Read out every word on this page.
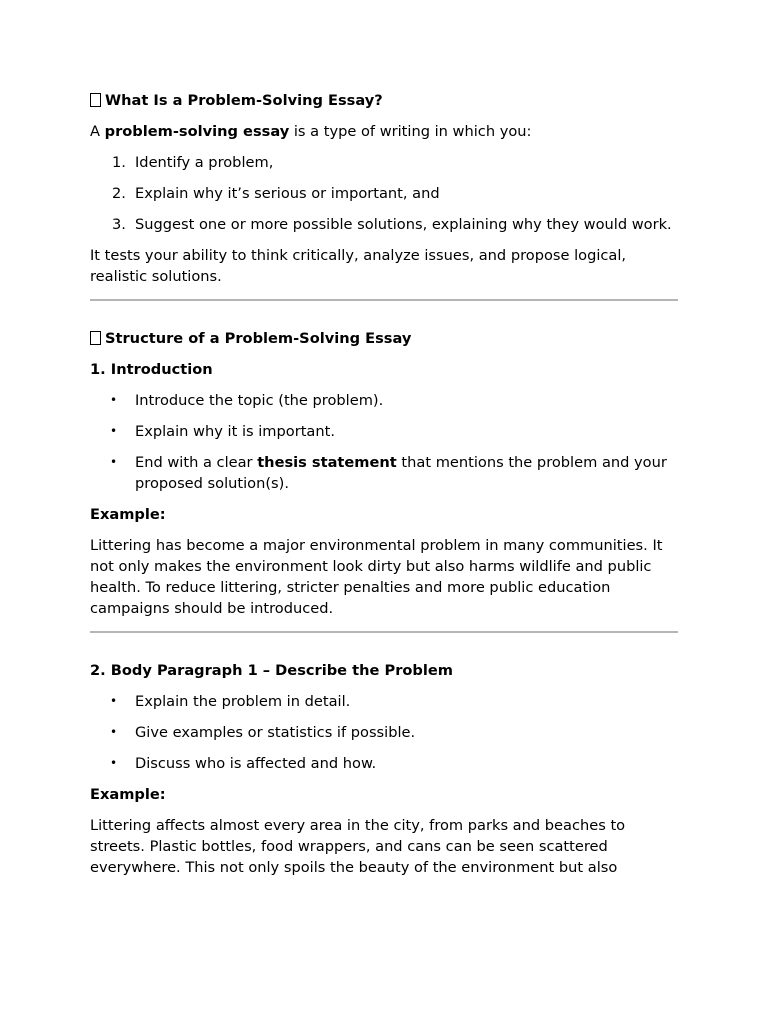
What Is a Problem-Solving Essay?

A problem-solving essay is a type of writing in which you:

1. Identify a problem,
2. Explain why it’s serious or important, and
3. Suggest one or more possible solutions, explaining why they would work.

It tests your ability to think critically, analyze issues, and propose logical, realistic solutions.

Structure of a Problem-Solving Essay

1. Introduction

• Introduce the topic (the problem).
• Explain why it is important.
• End with a clear thesis statement that mentions the problem and your proposed solution(s).

Example:

Littering has become a major environmental problem in many communities. It not only makes the environment look dirty but also harms wildlife and public health. To reduce littering, stricter penalties and more public education campaigns should be introduced.

2. Body Paragraph 1 – Describe the Problem

• Explain the problem in detail.
• Give examples or statistics if possible.
• Discuss who is affected and how.

Example:

Littering affects almost every area in the city, from parks and beaches to streets. Plastic bottles, food wrappers, and cans can be seen scattered everywhere. This not only spoils the beauty of the environment but also
